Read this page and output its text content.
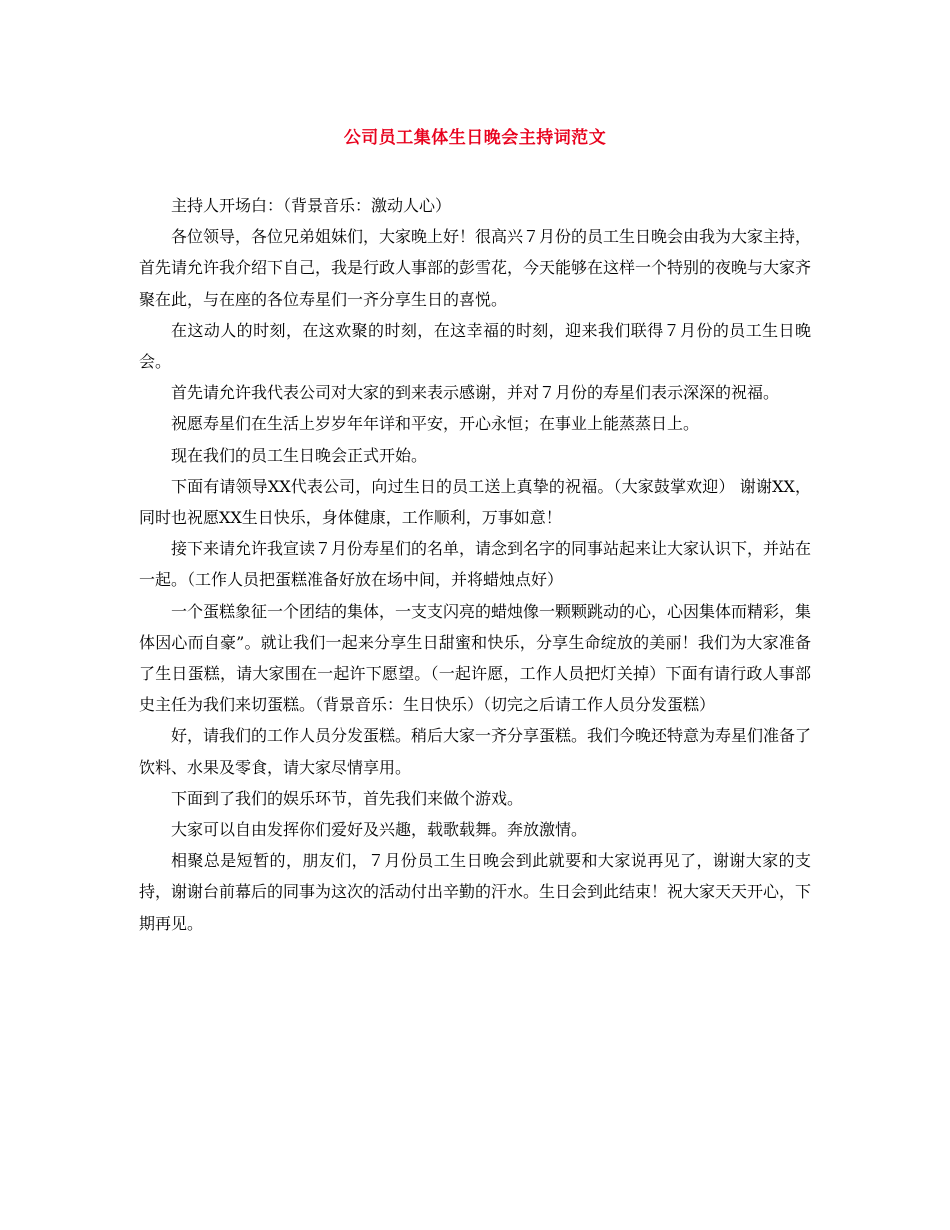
公司员工集体生日晚会主持词范文

主持人开场白：（背景音乐：激动人心）

各位领导，各位兄弟姐妹们，大家晚上好！很高兴７月份的员工生日晚会由我为大家主持，首先请允许我介绍下自己，我是行政人事部的彭雪花，今天能够在这样一个特别的夜晚与大家齐聚在此，与在座的各位寿星们一齐分享生日的喜悦。

在这动人的时刻，在这欢聚的时刻，在这幸福的时刻，迎来我们联得７月份的员工生日晚会。

首先请允许我代表公司对大家的到来表示感谢，并对７月份的寿星们表示深深的祝福。

祝愿寿星们在生活上岁岁年年详和平安，开心永恒；在事业上能蒸蒸日上。

现在我们的员工生日晚会正式开始。

下面有请领导XX代表公司，向过生日的员工送上真挚的祝福。（大家鼓掌欢迎） 谢谢XX，同时也祝愿XX生日快乐，身体健康，工作顺利，万事如意！

接下来请允许我宣读７月份寿星们的名单，请念到名字的同事站起来让大家认识下，并站在一起。（工作人员把蛋糕准备好放在场中间，并将蜡烛点好）

一个蛋糕象征一个团结的集体，一支支闪亮的蜡烛像一颗颗跳动的心，心因集体而精彩，集体因心而自豪”。就让我们一起来分享生日甜蜜和快乐，分享生命绽放的美丽！我们为大家准备了生日蛋糕，请大家围在一起许下愿望。（一起许愿，工作人员把灯关掉）下面有请行政人事部史主任为我们来切蛋糕。（背景音乐：生日快乐）（切完之后请工作人员分发蛋糕）

好，请我们的工作人员分发蛋糕。稍后大家一齐分享蛋糕。我们今晚还特意为寿星们准备了饮料、水果及零食，请大家尽情享用。

下面到了我们的娱乐环节，首先我们来做个游戏。

大家可以自由发挥你们爱好及兴趣，载歌载舞。奔放激情。

相聚总是短暂的，朋友们，７月份员工生日晚会到此就要和大家说再见了，谢谢大家的支持，谢谢台前幕后的同事为这次的活动付出辛勤的汗水。生日会到此结束！祝大家天天开心，下期再见。
